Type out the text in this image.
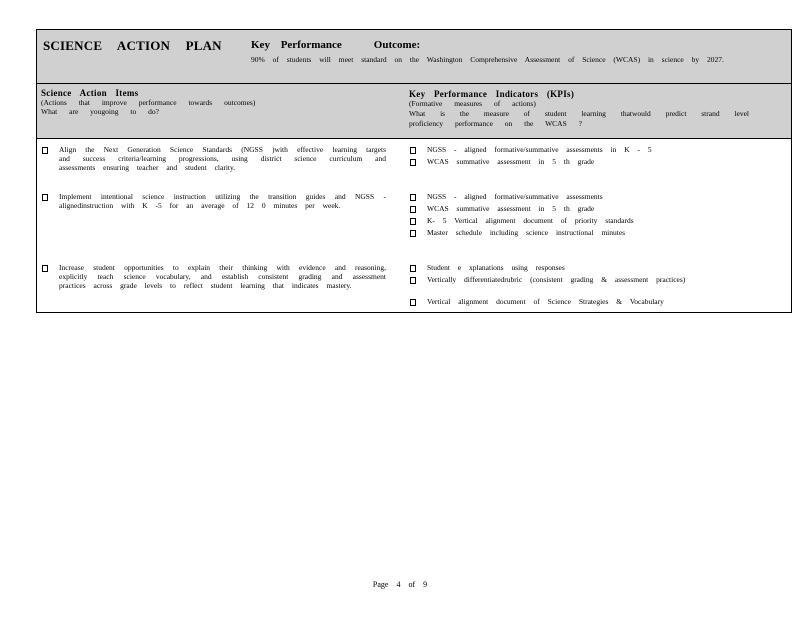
SCIENCE ACTION PLAN	Key Performance	Outcome:
90% of students will meet standard on the Washington Comprehensive Assessment of Science (WCAS) in science by 2027.
Science Action Items
(Actions that improve performance towards outcomes)
What are yougoing to do?
Key Performance Indicators (KPIs)
(Formative measures of actions)
What is the measure of student learning thatwould predict strand level proficiency performance on the WCAS ?
Align the Next Generation Science Standards (NGSS )with effective learning targets and success criteria/learning progressions, using district science curriculum and assessments ensuring teacher and student clarity.
Implement intentional science instruction utilizing the transition guides and NGSS - alignedinstruction with K -5 for an average of 12 0 minutes per week.
Increase student opportunities to explain their thinking with evidence and reasoning, explicitly teach science vocabulary, and establish consistent grading and assessment practices across grade levels to reflect student learning that indicates mastery.
NGSS - aligned formative/summative assessments in K - 5
WCAS summative assessment in 5 th grade
NGSS - aligned formative/summative assessments
WCAS summative assessment in 5 th grade
K- 5 Vertical alignment document of priority standards
Master schedule including science instructional minutes
Student e xplanations using responses
Vertically differentiatedrubric (consistent grading & assessment practices)
Vertical alignment document of Science Strategies & Vocabulary
Page 4 of 9
